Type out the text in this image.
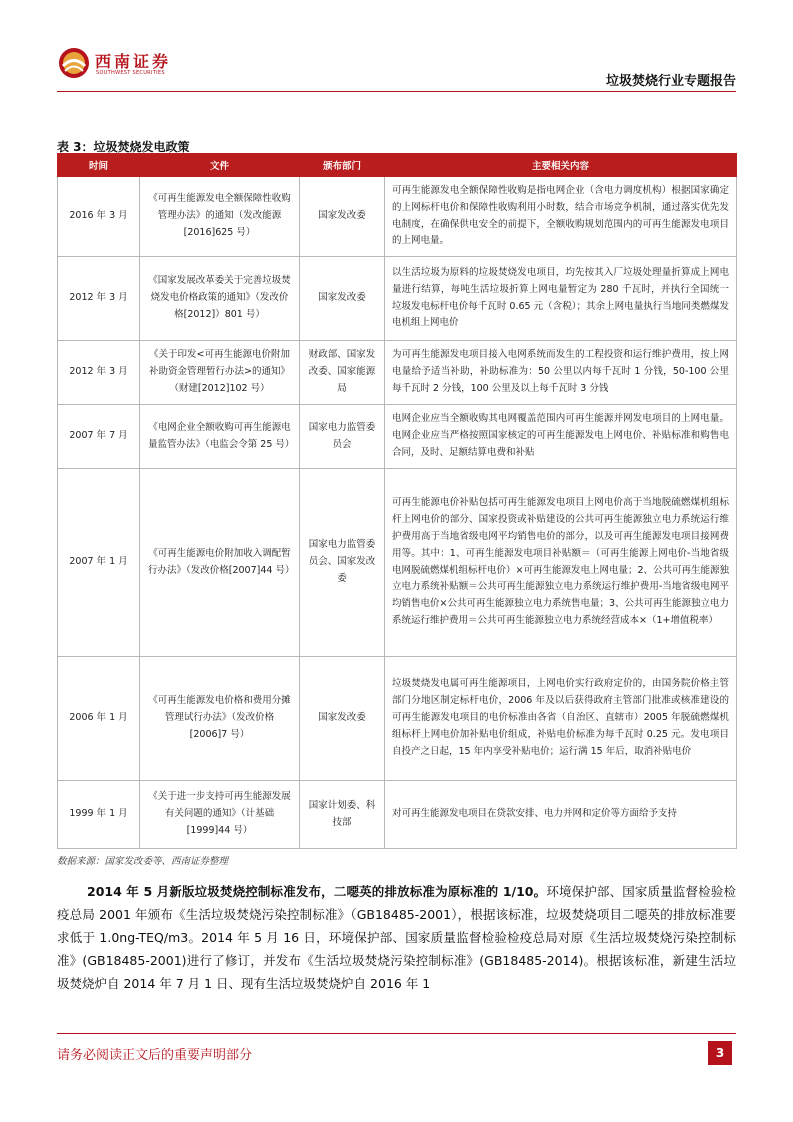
西南证券
SOUTHWEST SECURITIES
垃圾焚烧行业专题报告
表 3：垃圾焚烧发电政策
时间	文件	颁布部门	主要相关内容
2016 年 3 月	《可再生能源发电全额保障性收购管理办法》的通知（发改能源[2016]625 号）	国家发改委	可再生能源发电全额保障性收购是指电网企业（含电力调度机构）根据国家确定的上网标杆电价和保障性收购利用小时数，结合市场竞争机制，通过落实优先发电制度，在确保供电安全的前提下，全额收购规划范围内的可再生能源发电项目的上网电量。
2012 年 3 月	《国家发展改革委关于完善垃圾焚烧发电价格政策的通知》（发改价格[2012]）801 号）	国家发改委	以生活垃圾为原料的垃圾焚烧发电项目，均先按其入厂垃圾处理量折算成上网电量进行结算，每吨生活垃圾折算上网电量暂定为 280 千瓦时，并执行全国统一垃圾发电标杆电价每千瓦时 0.65 元（含税）；其余上网电量执行当地同类燃煤发电机组上网电价
2012 年 3 月	《关于印发<可再生能源电价附加补助资金管理暂行办法>的通知》（财建[2012]102 号）	财政部、国家发改委、国家能源局	为可再生能源发电项目接入电网系统而发生的工程投资和运行维护费用，按上网电量给予适当补助，补助标准为：50 公里以内每千瓦时 1 分钱，50-100 公里每千瓦时 2 分钱，100 公里及以上每千瓦时 3 分钱
2007 年 7 月	《电网企业全额收购可再生能源电量监管办法》（电监会令第 25 号）	国家电力监管委员会	电网企业应当全额收购其电网覆盖范围内可再生能源并网发电项目的上网电量。电网企业应当严格按照国家核定的可再生能源发电上网电价、补贴标准和购售电合同，及时、足额结算电费和补贴
2007 年 1 月	《可再生能源电价附加收入调配暂行办法》（发改价格[2007]44 号）	国家电力监管委员会、国家发改委	可再生能源电价补贴包括可再生能源发电项目上网电价高于当地脱硫燃煤机组标杆上网电价的部分、国家投资或补贴建设的公共可再生能源独立电力系统运行维护费用高于当地省级电网平均销售电价的部分，以及可再生能源发电项目接网费用等。其中：1、可再生能源发电项目补贴额＝（可再生能源上网电价-当地省级电网脱硫燃煤机组标杆电价）×可再生能源发电上网电量；2、公共可再生能源独立电力系统补贴额＝公共可再生能源独立电力系统运行维护费用-当地省级电网平均销售电价×公共可再生能源独立电力系统售电量；3、公共可再生能源独立电力系统运行维护费用＝公共可再生能源独立电力系统经营成本×（1+增值税率）
2006 年 1 月	《可再生能源发电价格和费用分摊管理试行办法》（发改价格[2006]7 号）	国家发改委	垃圾焚烧发电属可再生能源项目，上网电价实行政府定价的，由国务院价格主管部门分地区制定标杆电价，2006 年及以后获得政府主管部门批准或核准建设的可再生能源发电项目的电价标准由各省（自治区、直辖市）2005 年脱硫燃煤机组标杆上网电价加补贴电价组成，补贴电价标准为每千瓦时 0.25 元。发电项目自投产之日起，15 年内享受补贴电价；运行满 15 年后，取消补贴电价
1999 年 1 月	《关于进一步支持可再生能源发展有关问题的通知》（计基础[1999]44 号）	国家计划委、科技部	对可再生能源发电项目在贷款安排、电力并网和定价等方面给予支持
数据来源：国家发改委等、西南证券整理
2014 年 5 月新版垃圾焚烧控制标准发布，二噁英的排放标准为原标准的 1/10。环境保护部、国家质量监督检验检疫总局 2001 年颁布《生活垃圾焚烧污染控制标准》（GB18485-2001），根据该标准，垃圾焚烧项目二噁英的排放标准要求低于 1.0ng-TEQ/m3。2014 年 5 月 16 日，环境保护部、国家质量监督检验检疫总局对原《生活垃圾焚烧污染控制标准》(GB18485-2001)进行了修订，并发布《生活垃圾焚烧污染控制标准》(GB18485-2014)。根据该标准，新建生活垃圾焚烧炉自 2014 年 7 月 1 日、现有生活垃圾焚烧炉自 2016 年 1
请务必阅读正文后的重要声明部分	3
